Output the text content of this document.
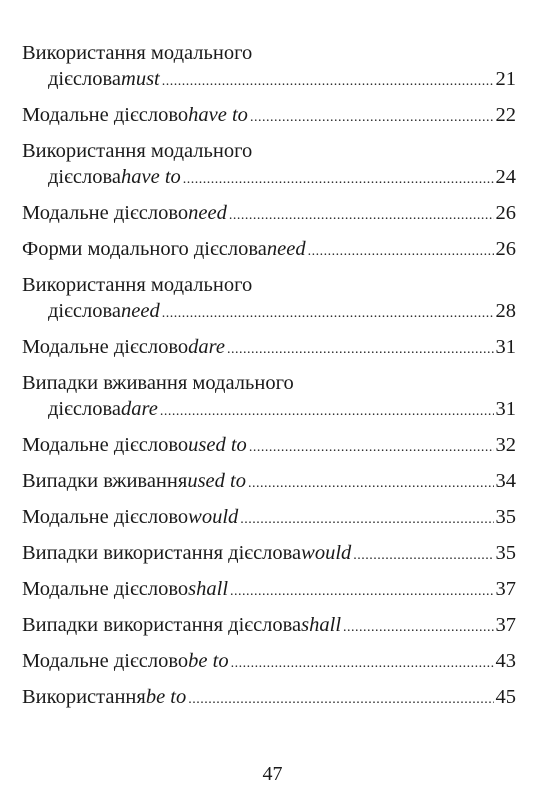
Використання модального
дієслова must .....	21
Модальне дієслово have to .....	22
Використання модального
дієслова have to .....	24
Модальне дієслово need .....	26
Форми модального дієслова need .....	26
Використання модального
дієслова need .....	28
Модальне дієслово dare .....	31
Випадки вживання модального
дієслова dare .....	31
Модальне дієслово used to .....	32
Випадки вживання used to .....	34
Модальне дієслово would .....	35
Випадки використання дієслова would .....	35
Модальне дієслово shall .....	37
Випадки використання дієслова shall .....	37
Модальне дієслово be to .....	43
Використання be to .....	45
47
